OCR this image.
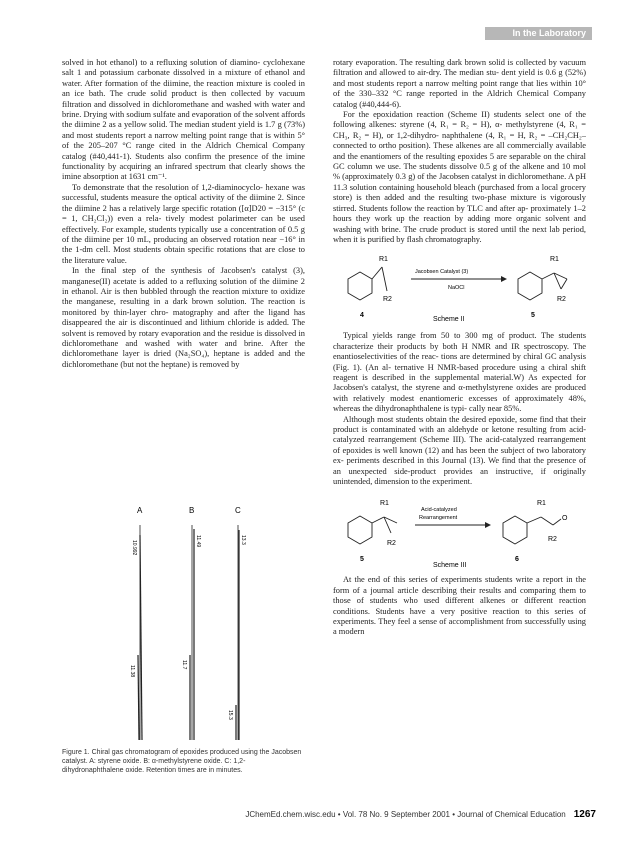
In the Laboratory

solved in hot ethanol) to a refluxing solution of diamino- cyclohexane salt 1 and potassium carbonate dissolved in a mixture of ethanol and water. After formation of the diimine, the reaction mixture is cooled in an ice bath. The crude solid product is then collected by vacuum filtration and dissolved in dichloromethane and washed with water and brine. Drying with sodium sulfate and evaporation of the solvent affords the diimine 2 as a yellow solid. The median student yield is 1.7 g (73%) and most students report a narrow melting point range that is within 5° of the 205–207 °C range cited in the Aldrich Chemical Company catalog (#40,441-1). Students also confirm the presence of the imine functionality by acquiring an infrared spectrum that clearly shows the imine absorption at 1631 cm⁻¹.

To demonstrate that the resolution of 1,2-diaminocyclo- hexane was successful, students measure the optical activity of the diimine 2. Since the diimine 2 has a relatively large specific rotation ([α]D20 = −315° (c = 1, CH₂Cl₂)) even a rela- tively modest polarimeter can be used effectively. For example, students typically use a concentration of 0.5 g of the diimine per 10 mL, producing an observed rotation near −16° in the 1-dm cell. Most students obtain specific rotations that are close to the literature value.

In the final step of the synthesis of Jacobsen's catalyst (3), manganese(II) acetate is added to a refluxing solution of the diimine 2 in ethanol. Air is then bubbled through the reaction mixture to oxidize the manganese, resulting in a dark brown solution. The reaction is monitored by thin-layer chro- matography and after the ligand has disappeared the air is discontinued and lithium chloride is added. The solvent is removed by rotary evaporation and the residue is dissolved in dichloromethane and washed with water and brine. After the dichloromethane layer is dried (Na₂SO₄), heptane is added and the dichloromethane (but not the heptane) is removed by

A	B	C
10.992
11.38
11.49
11.7
13.3
15.3
Figure 1. Chiral gas chromatogram of epoxides produced using the Jacobsen catalyst. A: styrene oxide. B: α-methylstyrene oxide. C: 1,2-dihydronaphthalene oxide. Retention times are in minutes.

rotary evaporation. The resulting dark brown solid is collected by vacuum filtration and allowed to air-dry. The median stu- dent yield is 0.6 g (52%) and most students report a narrow melting point range that lies within 10° of the 330–332 °C range reported in the Aldrich Chemical Company catalog (#40,444-6).

For the epoxidation reaction (Scheme II) students select one of the following alkenes: styrene (4, R₁ = R₂ = H), α- methylstyrene (4, R₁ = CH₃, R₂ = H), or 1,2-dihydro- naphthalene (4, R₁ = H, R₂ = –CH₂CH₂– connected to ortho position). These alkenes are all commercially available and the enantiomers of the resulting epoxides 5 are separable on the chiral GC column we use. The students dissolve 0.5 g of the alkene and 10 mol % (approximately 0.3 g) of the Jacobsen catalyst in dichloromethane. A pH 11.3 solution containing household bleach (purchased from a local grocery store) is then added and the resulting two-phase mixture is vigorously stirred. Students follow the reaction by TLC and after ap- proximately 1–2 hours they work up the reaction by adding more organic solvent and washing with brine. The crude product is stored until the next lab period, when it is purified by flash chromatography.

R1
R2
4
Jacobsen Catalyst (3)
NaOCl
R1
R2
5
Scheme II

Typical yields range from 50 to 300 mg of product. The students characterize their products by both H NMR and IR spectroscopy. The enantioselectivities of the reac- tions are determined by chiral GC analysis (Fig. 1). (An al- ternative H NMR-based procedure using a chiral shift reagent is described in the supplemental material.W) As expected for Jacobsen's catalyst, the styrene and α-methylstyrene oxides are produced with relatively modest enantiomeric excesses of approximately 48%, whereas the dihydronaphthalene is typi- cally near 85%.

Although most students obtain the desired epoxide, some find that their product is contaminated with an aldehyde or ketone resulting from acid-catalyzed rearrangement (Scheme III). The acid-catalyzed rearrangement of epoxides is well known (12) and has been the subject of two laboratory ex- periments described in this Journal (13). We find that the presence of an unexpected side-product provides an instructive, if originally unintended, dimension to the experiment.

R1
R2
5
Acid-catalyzed
Rearrangement	O
R1
R2
6
Scheme III

At the end of this series of experiments students write a report in the form of a journal article describing their results and comparing them to those of students who used different alkenes or different reaction conditions. Students have a very positive reaction to this series of experiments. They feel a sense of accomplishment from successfully using a modern

JChemEd.chem.wisc.edu • Vol. 78 No. 9 September 2001 • Journal of Chemical Education 1267
